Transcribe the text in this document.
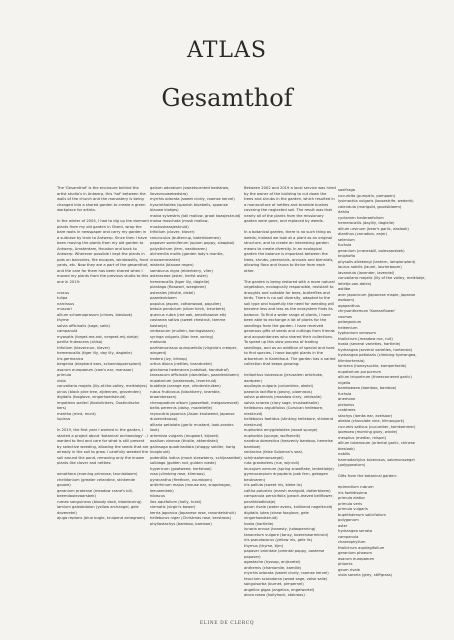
ATLAS
Gesamthof

The 'Gesamthof' is the enclosure behind the artist studio's in Antwerp, this 'hof' between the walls of the church and the monastery is being changed into a shared garden to create a green workplace for artists.

In the winter of 2004, I had to dig up the dormant plants from my old garden in Ghent, wrap the bare roots in newspaper and carry my garden in a suitcase by train to Antwerp. Since then I have been moving the plants from my old garden to Antwerp, Amsterdam, Houston and back to Antwerp. Wherever possible I kept the plants in pots on balconies, fire escapes, windowsills, front yards, etc. Now they are a part of the gesamthof, and the care for them has been shared when I moved my plants from the previous studio to this one in 2019:

crocus
tulipa
narcissus
muscari
allium schoenoprasum (chives, bieslook)
thyme
salvia officinalis (sage, salie)
campanula
myosotis (forget-me-not, vergeet-mij-nietje)
perilla frutescens (shiso)
trifolium (klaverzuur, klaver)
hemerocallis (tiger lily, day lily, daglelie)
iris germanica
bergenia (elephant ears, schoenlappersplant)
asarum europaeum (cow's ear, mansoor)
primula
viola
convallaria majalis (lily-of-the-valley, meiklokjes)
pinus (black pine tree, zijdennen, grovenden)
digitalis (foxglove, vingerhoedskruid)
impatiens walleri (Kostvlinkers, Oostindische kers)
mentha (mint, munt)
lupinus

In 2019, the first year I worked in the garden, I started a project about 'botanical archaeology' - I wanted to find and care for what is still present by selective weeding, allowing the seeds that are already in the soil to grow. I carefully weeded the soil around the pond, removing only the known plants like clover and nettles:

oenothera (evening primrose, teunisbloem)
chelidonium (greater celandine, stinkende gouwe)
geranium pratense (meadow crane's bill, beemdooievaarsbek)
rumex sanguineus (bloody dock, bloedzuring)
lamium galeobdolon (yellow archangel, gele dovenetel)
ajuga reptans (blue bugle, kruipend zenegroen)
galium odoratum (sweetscented bedstraw, lievevrouwebedstro)
myrrhis odorata (sweet cicely, roomse kervel)
hyacinthoides (spanish bluebells, spaanse blauwe klokjes)
malva sylvestris (tall mallow, groot kaasjeskruid)
malva moschata (musk mallow, muskuskaasjeskruid)
trifolium (clover, klaver)
ranunculus (buttercup, boterbloemen)
papaver somniferum (opium poppy, slaapbol)
polystichum (fern, naaldvaren)
alchemilla mollis (garden lady's mantle, vrouwenmantel)
wisteria (blauwe regen)
sambucus nigra (elderberry, vlier)
asteraceae (aster, herfst aster)
hemerocallis (tiger lily, daglelie)
plantago (fleawort, weegbree)
asterales (thistle, distel)
paardenbloem
populus (aspen, cottonwood, populier)
betula pendulum (silver birch, treurberk)
quercus rubra (red oak, amerikaanse eik)
castanea sativa (sweet chestnut, tamme kastanje)
verbascum (mullein, koningskaars)
syringa vulgaris (lilac tree, sering)
mahonia
parthenocissus quinquefolia (virginia's creeper, wingerd)
hedera (ivy, klimop)
urtica dioica (nettles, brandnetel)
glechoma hederacea (catsfoot, hondsdraf)
taraxacum officinale (dandelion, paardenbloem)
eupatorium (snakeroots, leverkruid)
buddleja (orange eye, vlinderstruiken)
rubus fruticosus (blackberry, bramble, braambessen)
chenopodium album (goosefoot, melganzevoet)
bellis perennis (daisy, madeliefje)
reynoutria japonica (Asian knotweed, Japanse duizendknoop)
alliaria petiolata (garlic mustard, look-zonder-look)
artemisia vulgaris (mugwort, bijvoet)
oxalium vinense (thistle, akkerdistel)
galinsoga quadriradiata (shaggy soldier, harig knopkruid)
potentilla indica (mock strawberry, schijnaardbei)
solidago (golden rod, gulden roede)
hypericum (goatweed, hertshooi)
rosa (climbing rose, klimroos)
pyracantha (firethorn, vuurdoorn)
antirrhinum majus (mouse ear, snapdragon, leeuwenbek)
hibiscus
ilex aquifolium (holly, hulst)
clematis (virgin's bower)
kerria japonica (Japanese rose, ranonkelstruik)
helleborus niger (Christmas rose, kerstroos)
phyllostachys (bamboo, bamboe)

Between 2002 and 2019 a local service was hired by the owner of the building to cut down the trees and shrubs in the garden, which resulted in a monoculture of nettles and bramble bushes covering the neglected soil. The result was that nearly all of the plants from the missionary garden were gone, and replaced by weeds.

In a botanical garden, there is no such thing as weeds; instead we look at a plant as an original structure, and to create an interesting garden means to create diversity. In an ecological garden the balance is important between the trees, shrubs, perennials, annuals and biennials, allowing flora and fauna to thrive from each other.

The garden is being restored with a more natural vegetation, ecologically responsible, resistant to droughts and suitable for bees, butterflies and birds. There is no soil diversity, adapted to the soil type and hopefully the need for weeding will become less and less as the ecosystem finds its balance. To find a wider range of plants, I have been able to exchange a lot of plants for the seedlings from the garden. I have received generous gifts of seeds and cuttings from friends and acquaintances who shared their collections. To speed up this slow process of trading seedlings, and as an addition of special and hard to find species, I have bought plants in the arboretum in Kalmthout. The garden has a varied collection that keeps growing:

helianthus tuberosus (jerusalem artichoke, aardpeer)
aquilegia vulgaris (columbine, akelei)
paeonia lactiflora (peony, pioenroos)
salvia pratensis (meadow clary, veldsalie)
salvia sclarea (clary sage, muskaatsalie)
helleborus argutifolius (Corsican hellebore, nieskruid)
helleborus foetidus (stinking hellebore, stinkend nieskruid)
euphorbia amygdaloides (wood spurge)
euphorbia (spurge, wolfsmelk)
nandina domestica (heavenly bamboo, hemelse bamboe)
smilacina (false Solomon's seal, schijnsalomonszegel)
ruta graveolens (rue, wijnruit)
leucojum vernum (spring snowflake, lenteklokje)
gymnocarpium dryopteris (oak fern, gebogen beukvaren)
iris pallida (sweet iris, bleke lis)
caltha palustris (marsh marigold, dotterbloem)
campanula persicifolia (peach-leaved bellflower, perzikbladklokje)
geum rivale (water avens, knikkend nagelkruid)
digitalis lutea (straw foxglove, gele vingerhoedskruid)
hosta (hartlelie)
lunaria annua (honesty, judaspenning)
tanacetum vulgare (tansy, boerenwormkruid)
iris pseudacorus (yellow iris, gele lis)
thymus (thyme, tijm)
papaver orientale (oriental poppy, oosterse papaver)
agastache (hyssop, anijsnetel)
anthemis (chamomile, kamille)
myrrhis odorata (sweet cicely, roomse kervel)
teucrium scorodonia (wood sage, valse salie)
sanguisorba (burnet, pimpernel)
angelica gigas (angelica, engelwortel)
alcea rosea (hollyhock, stokroos)
saxifraga
cucurbita (pumpkin, pompoen)
lysimachia vulgaris (loosestrife, wederik)
calendula (marigold, goudsbloem)
dahlia
cyclamen hederaefolium
hemerocallis (daylily, daglelie)
allium ursinum (bear's garlic, daslook)
dianthus (carnation, anjer)
selenium
fuchsia
geranium (cranesbill, ooievaarsbek)
kniphofia
physalis alkekengi (lantern, lampionplant)
laurus nobilis (laurel, laurierboom)
lavandula (lavender, lavendel)
convallaria majalis (lily of the valley, meiklokje, lelietje-van-dalen)
astilbe
acer japonicum (Japanese maple, Japanse esdoorn)
agapanthus
chrysanthemum 'Koreanflower'
cosmos
pelargonium
heleenium
typhonium venosum
thalictrum (meadow rue, ruit)
hosta (several varieties, hartlelie)
hydrangea (several varieties, hortensia)
hydrangea petiolaris (climbing hydrangea, klimhortensia)
lonicera (honeysuckle, kamperfoelie)
eupatorium purpureum
allium triquetrum (threecornered garlic)
nigella
bamboeaea (bamboo, bamboe)
fuchsia
anemone
pieloniss
crabtrees
stachys (lambs ear, ezelsoor)
akebia (chocolate vine, klimaugurk)
cucumis sativus (cucumber, komkommer)
ipomoea (morning glory, winde)
mespilus (medlar, mispel)
allium tuberosum (oriental garlic, chinese bieslook)
nobilis
harmodactylus tuberosus, salomonszegel (polygonatum)

Gifts from the botanical garden:

epimedium rubrum
iris foetidissima
primula elatior
primula veris
primula vulgaris
buphthalmum salicifolium
polygonum
aster
hydrangea serrata
campanula
chaerophyllum
thalictrum aquilegifolium
geranium phaeum
asarum europaeum
phlomis
geum rivale
viola sororia (grey, stiffgrass)
ELINE DE CLERCQ
